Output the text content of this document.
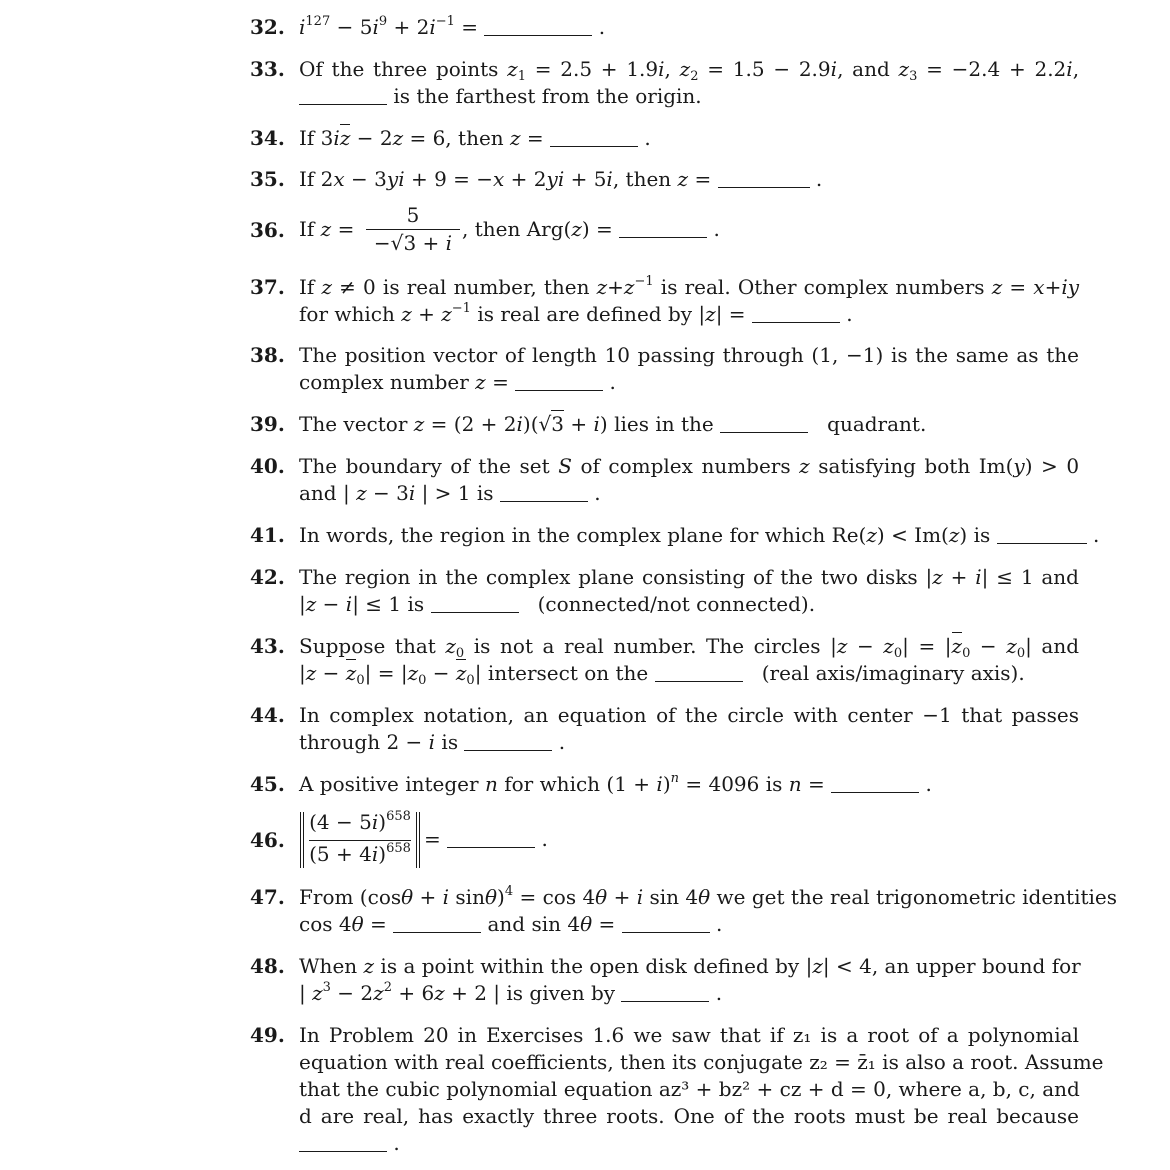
32. $i^{127} - 5i^9 + 2i^{-1}$ =	.
33. Of the three points $z_1 = 2.5 + 1.9i$, $z_2 = 1.5 - 2.9i$, and $z_3 = -2.4 + 2.2i$,
is the farthest from the origin.
34. If 3iz − 2z = 6, then z =	.
35. If 2x − 3yi + 9 = −x + 2yi + 5i, then z =	.
36. If z =
5
−√3 + i
, then Arg(z) =	.
37. If z ≠ 0 is real number, then $z+z^{-1}$ is real. Other complex numbers z = x+iy
for which $z + z^{-1}$ is real are defined by |z| =	.
38. The position vector of length 10 passing through (1, −1) is the same as the
complex number z =	.
39. The vector z = (2 + 2i)(√3 + i) lies in the	quadrant.
40. The boundary of the set S of complex numbers z satisfying both Im(y) > 0
and | z − 3i | > 1 is	.
41. In words, the region in the complex plane for which Re(z) < Im(z) is	.
42. The region in the complex plane consisting of the two disks |z + i| ≤ 1 and
|z − i| ≤ 1 is	(connected/not connected).
43. Suppose that $z_0$ is not a real number. The circles $|z - z_0| = |z_0 - z_0|$ and
$|z - z_0| = |z_0 - z_0|$ intersect on the	(real axis/imaginary axis).
44. In complex notation, an equation of the circle with center −1 that passes
through 2 − i is	.
45. A positive integer n for which $(1 + i)^n = 4096$ is n =	.
46.
$(4 - 5i)^{658}$
$(5 + 4i)^{658}$ =	.
47. From (cosθ + i sinθ)$^4$ = cos 4θ + i sin 4θ we get the real trigonometric identities
cos 4θ =	and sin 4θ =	.
48. When z is a point within the open disk defined by |z| < 4, an upper bound for
| $z^3 - 2z^2 + 6z + 2$ | is given by	.
49. In Problem 20 in Exercises 1.6 we saw that if z₁ is a root of a polynomial
equation with real coefficients, then its conjugate z₂ = z̄₁ is also a root. Assume
that the cubic polynomial equation az³ + bz² + cz + d = 0, where a, b, c, and
d are real, has exactly three roots. One of the roots must be real because
.
